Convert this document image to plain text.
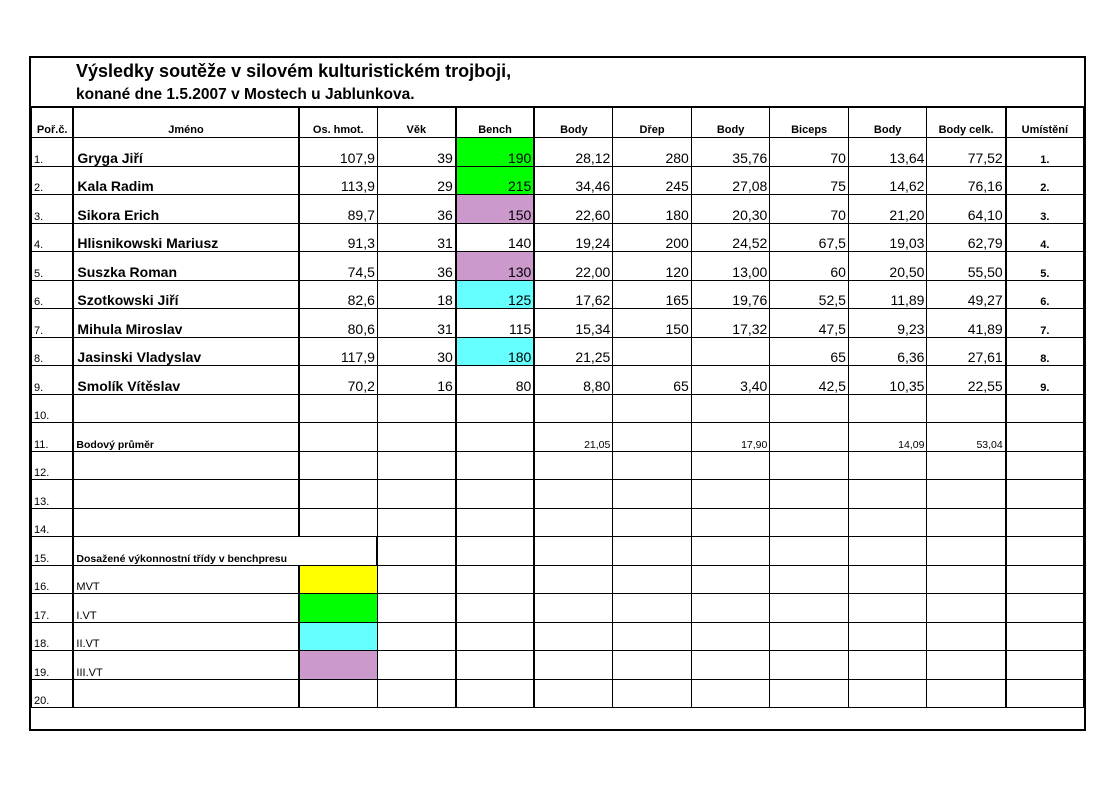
Výsledky soutěže v silovém kulturistickém trojboji,
konané dne 1.5.2007 v Mostech u Jablunkova.
Poř.č.	Jméno	Os. hmot.	Věk	Bench	Body	Dřep	Body	Biceps	Body	Body celk.	Umístění
1.	Gryga Jiří	107,9	39	190	28,12	280	35,76	70	13,64	77,52	1.
2.	Kala Radim	113,9	29	215	34,46	245	27,08	75	14,62	76,16	2.
3.	Sikora Erich	89,7	36	150	22,60	180	20,30	70	21,20	64,10	3.
4.	Hlisnikowski Mariusz	91,3	31	140	19,24	200	24,52	67,5	19,03	62,79	4.
5.	Suszka Roman	74,5	36	130	22,00	120	13,00	60	20,50	55,50	5.
6.	Szotkowski Jiří	82,6	18	125	17,62	165	19,76	52,5	11,89	49,27	6.
7.	Mihula Miroslav	80,6	31	115	15,34	150	17,32	47,5	9,23	41,89	7.
8.	Jasinski Vladyslav	117,9	30	180	21,25			65	6,36	27,61	8.
9.	Smolík Vítěslav	70,2	16	80	8,80	65	3,40	42,5	10,35	22,55	9.
10.											
11.	Bodový průměr				21,05		17,90		14,09	53,04	
12.											
13.											
14.											
15.	Dosažené výkonnostní třídy v benchpresu										
16.	MVT										
17.	I.VT										
18.	II.VT										
19.	III.VT										
20.											
